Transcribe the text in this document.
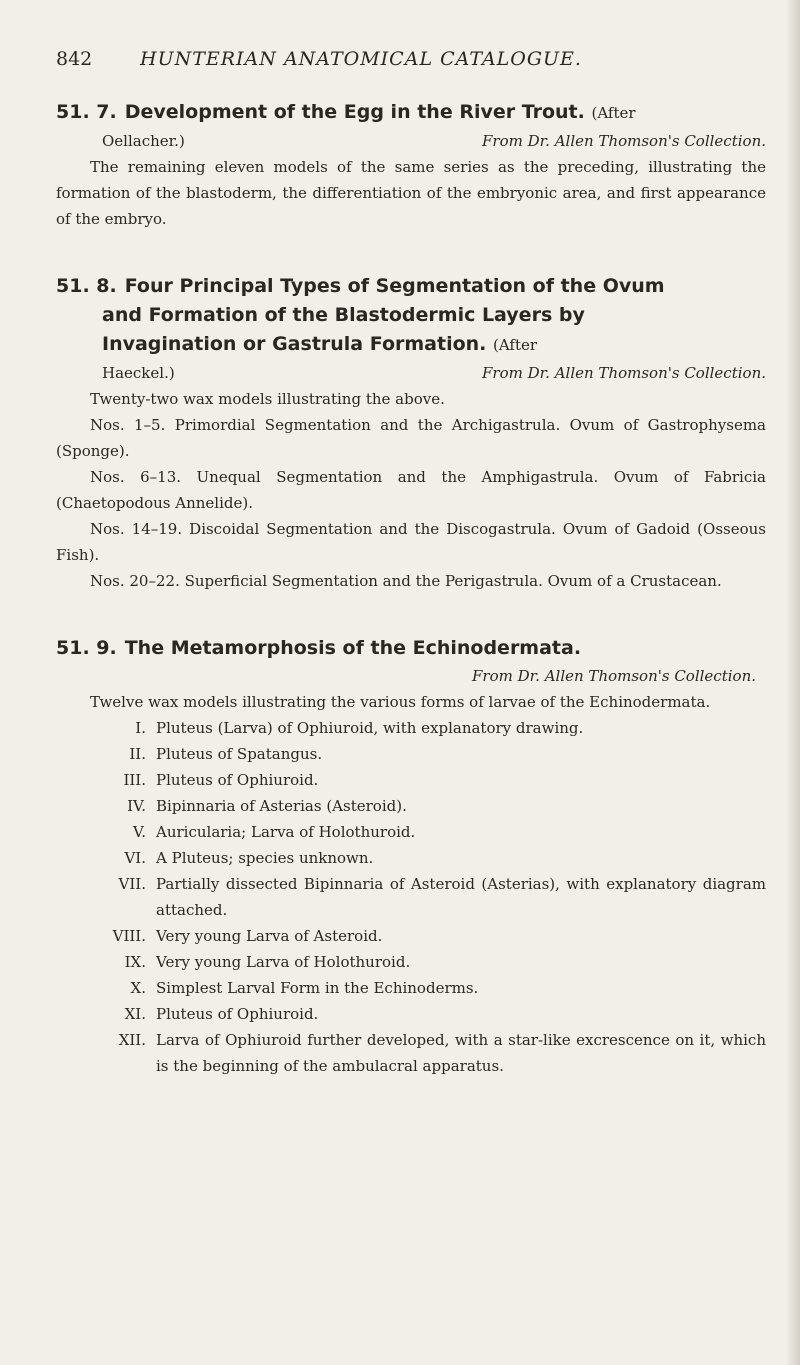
842	HUNTERIAN ANATOMICAL CATALOGUE.
51. 7. Development of the Egg in the River Trout. (After
Oellacher.)	From Dr. Allen Thomson's Collection.

The remaining eleven models of the same series as the preceding, illustrating the formation of the blastoderm, the differentiation of the embryonic area, and first appearance of the embryo.

51. 8. Four Principal Types of Segmentation of the Ovum
and Formation of the Blastodermic Layers by
Invagination or Gastrula Formation. (After
Haeckel.)	From Dr. Allen Thomson's Collection.

Twenty-two wax models illustrating the above.

Nos. 1–5. Primordial Segmentation and the Archigastrula. Ovum of Gastrophysema (Sponge).

Nos. 6–13. Unequal Segmentation and the Amphigastrula. Ovum of Fabricia (Chaetopodous Annelide).

Nos. 14–19. Discoidal Segmentation and the Discogastrula. Ovum of Gadoid (Osseous Fish).

Nos. 20–22. Superficial Segmentation and the Perigastrula. Ovum of a Crustacean.

51. 9. The Metamorphosis of the Echinodermata.
From Dr. Allen Thomson's Collection.

Twelve wax models illustrating the various forms of larvae of the Echinodermata.

I. Pluteus (Larva) of Ophiuroid, with explanatory drawing.
II. Pluteus of Spatangus.
III. Pluteus of Ophiuroid.
IV. Bipinnaria of Asterias (Asteroid).
V. Auricularia; Larva of Holothuroid.
VI. A Pluteus; species unknown.
VII. Partially dissected Bipinnaria of Asteroid (Asterias), with explanatory diagram attached.
VIII. Very young Larva of Asteroid.
IX. Very young Larva of Holothuroid.
X. Simplest Larval Form in the Echinoderms.
XI. Pluteus of Ophiuroid.
XII. Larva of Ophiuroid further developed, with a star-like excrescence on it, which is the beginning of the ambulacral apparatus.
